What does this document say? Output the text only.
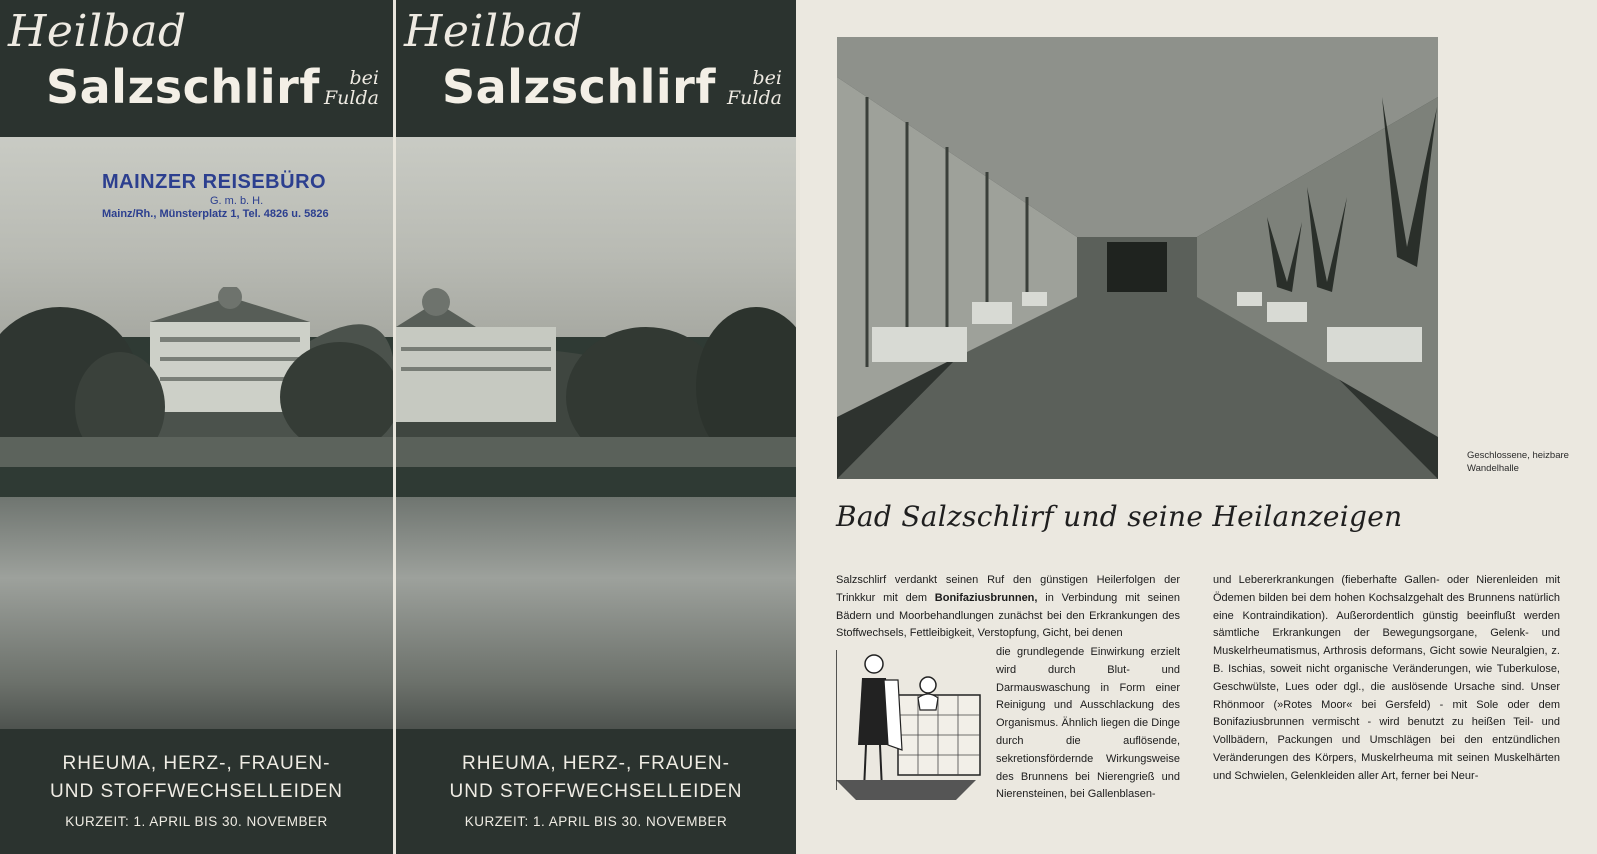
Heilbad
Salzschlirf	bei
Fulda
MAINZER REISEBÜRO
G. m. b. H.
Mainz/Rh., Münsterplatz 1, Tel. 4826 u. 5826
RHEUMA, HERZ-, FRAUEN-
UND STOFFWECHSELLEIDEN
KURZEIT: 1. APRIL BIS 30. NOVEMBER
Heilbad
Salzschlirf	bei
Fulda
RHEUMA, HERZ-, FRAUEN-
UND STOFFWECHSELLEIDEN
KURZEIT: 1. APRIL BIS 30. NOVEMBER
Geschlossene, heizbare
Wandelhalle
Bad Salzschlirf und seine Heilanzeigen
Salzschlirf verdankt seinen Ruf den günstigen Heilerfolgen der Trinkkur mit dem Bonifaziusbrunnen, in Verbindung mit seinen Bädern und Moorbehandlungen zunächst bei den Erkrankungen des Stoffwechsels, Fettleibigkeit, Verstopfung, Gicht, bei denen
die grundlegende Einwirkung erzielt wird durch Blut- und Darmauswaschung in Form einer Reinigung und Ausschlackung des Organismus. Ähnlich liegen die Dinge durch die auflösende, sekretionsfördernde Wirkungsweise des Brunnens bei Nierengrieß und Nierensteinen, bei Gallenblasen-
und Lebererkrankungen (fieberhafte Gallen- oder Nierenleiden mit Ödemen bilden bei dem hohen Kochsalzgehalt des Brunnens natürlich eine Kontraindikation). Außerordentlich günstig beeinflußt werden sämtliche Erkrankungen der Bewegungsorgane, Gelenk- und Muskelrheumatismus, Arthrosis deformans, Gicht sowie Neuralgien, z. B. Ischias, soweit nicht organische Veränderungen, wie Tuberkulose, Geschwülste, Lues oder dgl., die auslösende Ursache sind. Unser Rhönmoor (»Rotes Moor« bei Gersfeld) - mit Sole oder dem Bonifaziusbrunnen vermischt - wird benutzt zu heißen Teil- und Vollbädern, Packungen und Umschlägen bei den entzündlichen Veränderungen des Körpers, Muskelrheuma mit seinen Muskelhärten und Schwielen, Gelenkleiden aller Art, ferner bei Neur-
